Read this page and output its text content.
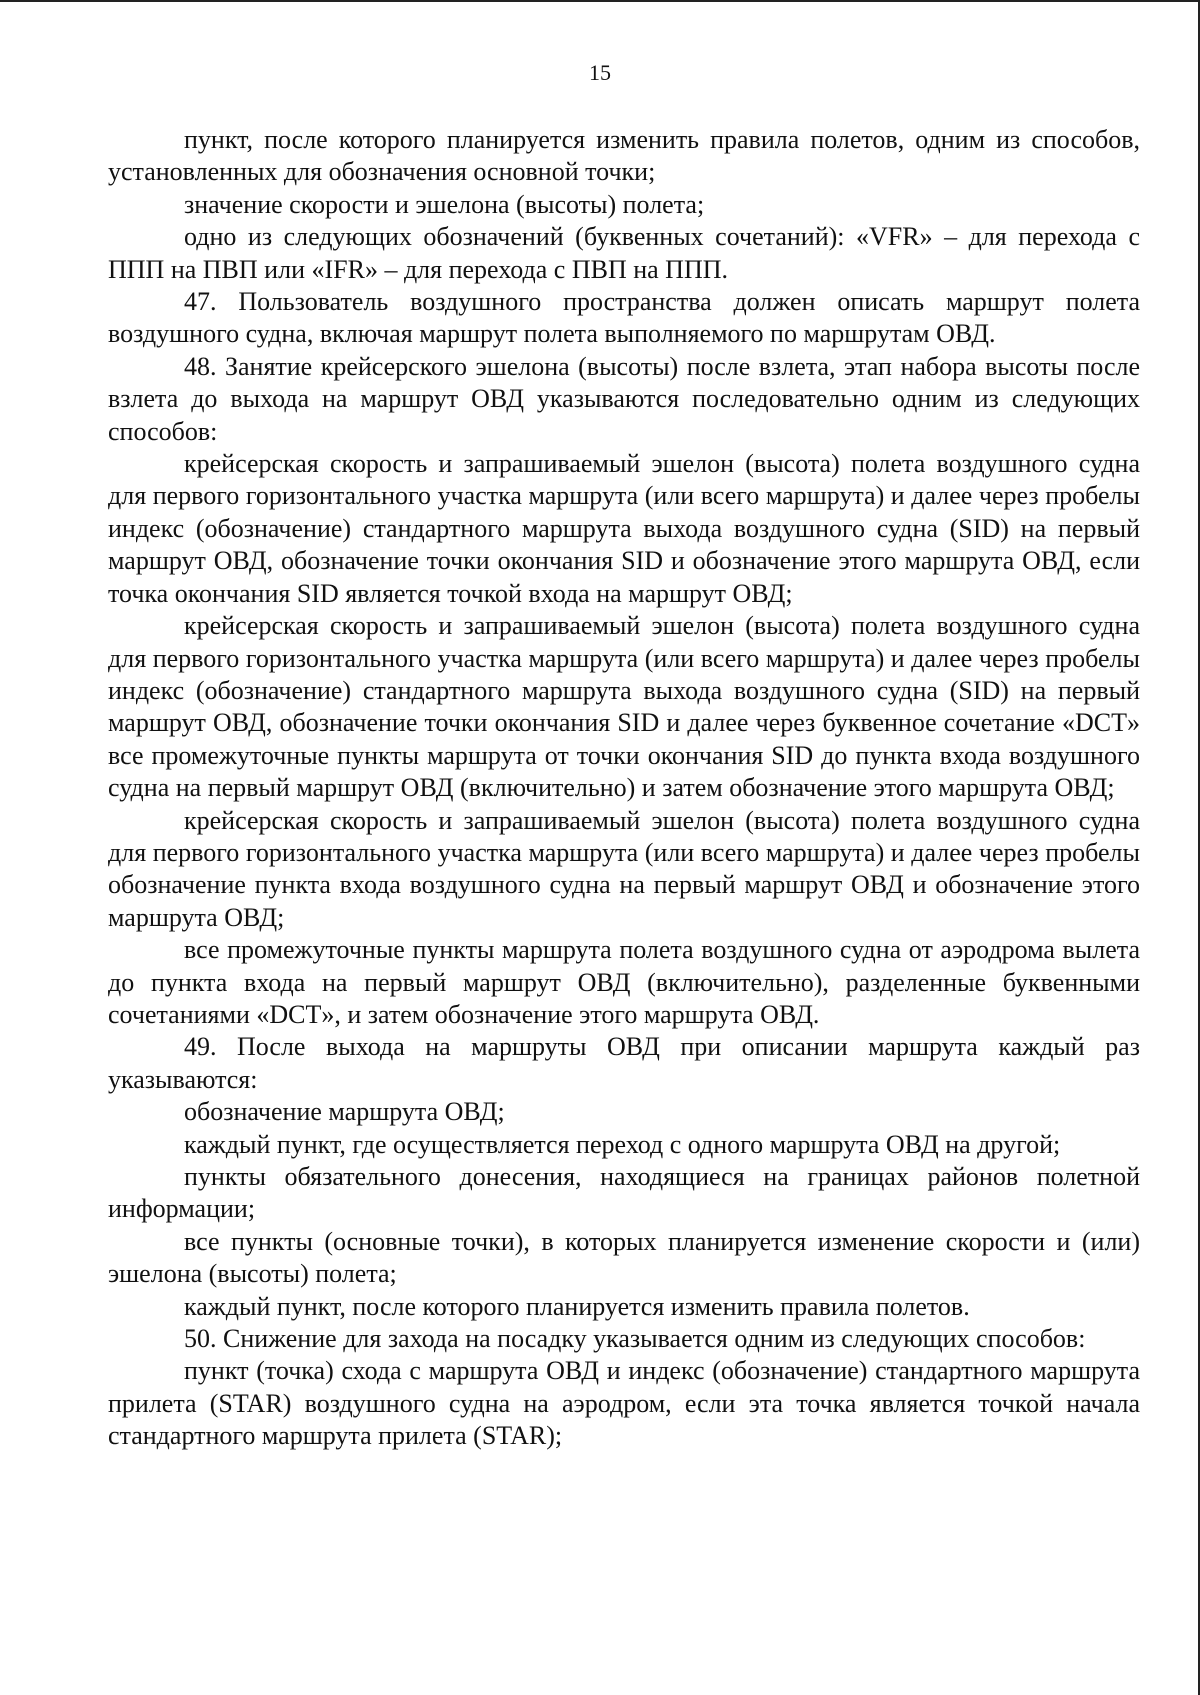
15

пункт, после которого планируется изменить правила полетов, одним из способов, установленных для обозначения основной точки;

значение скорости и эшелона (высоты) полета;

одно из следующих обозначений (буквенных сочетаний): «VFR» – для перехода с ППП на ПВП или «IFR» – для перехода с ПВП на ППП.

47. Пользователь воздушного пространства должен описать маршрут полета воздушного судна, включая маршрут полета выполняемого по маршрутам ОВД.

48. Занятие крейсерского эшелона (высоты) после взлета, этап набора высоты после взлета до выхода на маршрут ОВД указываются последовательно одним из следующих способов:

крейсерская скорость и запрашиваемый эшелон (высота) полета воздушного судна для первого горизонтального участка маршрута (или всего маршрута) и далее через пробелы индекс (обозначение) стандартного маршрута выхода воздушного судна (SID) на первый маршрут ОВД, обозначение точки окончания SID и обозначение этого маршрута ОВД, если точка окончания SID является точкой входа на маршрут ОВД;

крейсерская скорость и запрашиваемый эшелон (высота) полета воздушного судна для первого горизонтального участка маршрута (или всего маршрута) и далее через пробелы индекс (обозначение) стандартного маршрута выхода воздушного судна (SID) на первый маршрут ОВД, обозначение точки окончания SID и далее через буквенное сочетание «DCT» все промежуточные пункты маршрута от точки окончания SID до пункта входа воздушного судна на первый маршрут ОВД (включительно) и затем обозначение этого маршрута ОВД;

крейсерская скорость и запрашиваемый эшелон (высота) полета воздушного судна для первого горизонтального участка маршрута (или всего маршрута) и далее через пробелы обозначение пункта входа воздушного судна на первый маршрут ОВД и обозначение этого маршрута ОВД;

все промежуточные пункты маршрута полета воздушного судна от аэродрома вылета до пункта входа на первый маршрут ОВД (включительно), разделенные буквенными сочетаниями «DCT», и затем обозначение этого маршрута ОВД.

49. После выхода на маршруты ОВД при описании маршрута каждый раз указываются:

обозначение маршрута ОВД;

каждый пункт, где осуществляется переход с одного маршрута ОВД на другой;

пункты обязательного донесения, находящиеся на границах районов полетной информации;

все пункты (основные точки), в которых планируется изменение скорости и (или) эшелона (высоты) полета;

каждый пункт, после которого планируется изменить правила полетов.

50. Снижение для захода на посадку указывается одним из следующих способов:

пункт (точка) схода с маршрута ОВД и индекс (обозначение) стандартного маршрута прилета (STAR) воздушного судна на аэродром, если эта точка является точкой начала стандартного маршрута прилета (STAR);
